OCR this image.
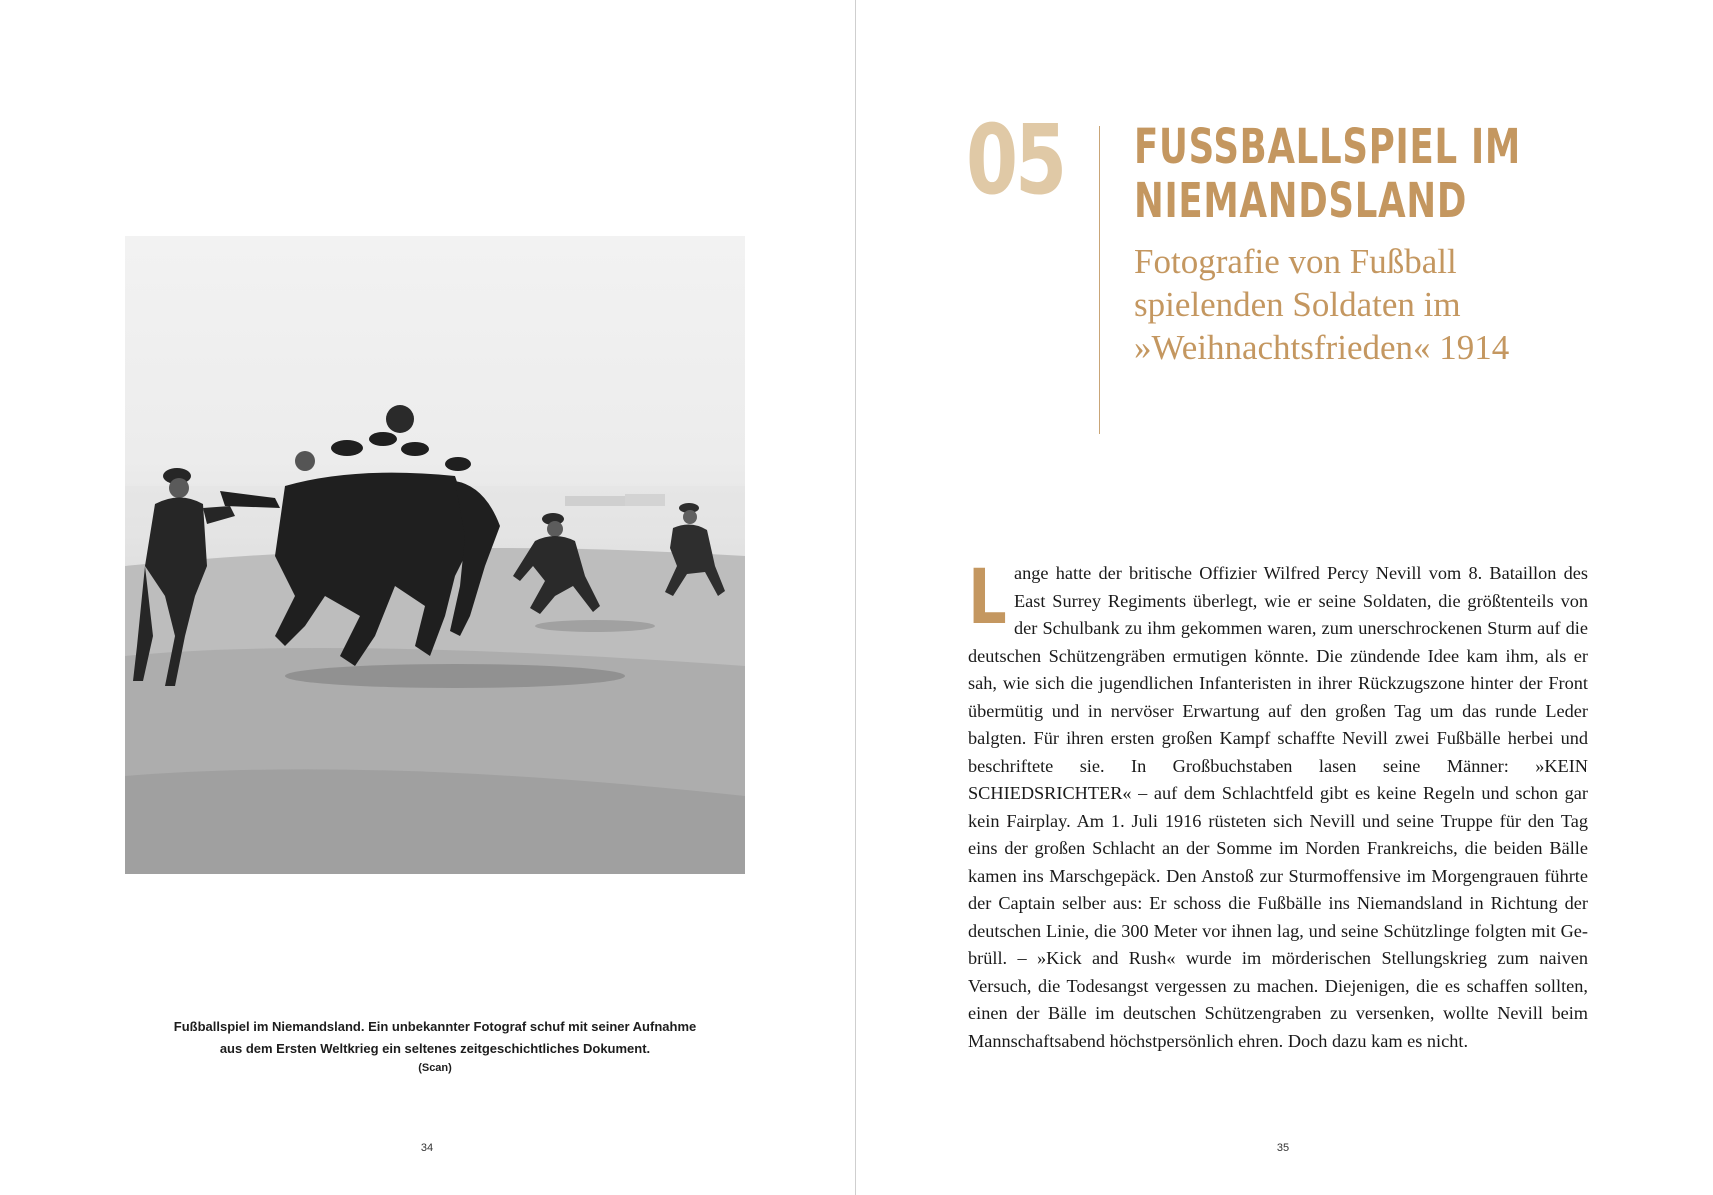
Fußballspiel im Niemandsland. Ein unbekannter Fotograf schuf mit seiner Aufnahme
aus dem Ersten Weltkrieg ein seltenes zeitgeschichtliches Dokument.
(Scan)
34
05 FUSSBALLSPIEL IM
NIEMANDSLAND
Fotografie von Fußball
spielenden Soldaten im
»Weihnachtsfrieden« 1914
Lange hatte der britische Offizier Wilfred Percy Nevill vom 8. Bataillon des East Surrey Regiments überlegt, wie er seine Soldaten, die größtenteils von der Schulbank zu ihm gekommen waren, zum unerschrockenen Sturm auf die deutschen Schützengräben ermutigen könnte. Die zündende Idee kam ihm, als er sah, wie sich die jugendlichen Infanteristen in ihrer Rückzugszone hinter der Front übermütig und in nervöser Erwartung auf den großen Tag um das runde Leder balgten. Für ihren ersten großen Kampf schaffte Nevill zwei Fußbälle herbei und beschriftete sie. In Großbuchstaben lasen seine Männer: »KEIN SCHIEDSRICHTER« – auf dem Schlachtfeld gibt es keine Regeln und schon gar kein Fairplay. Am 1. Juli 1916 rüsteten sich Nevill und seine Truppe für den Tag eins der großen Schlacht an der Somme im Norden Frankreichs, die beiden Bälle kamen ins Marschgepäck. Den Anstoß zur Sturmoffensive im Morgengrauen führte der Captain selber aus: Er schoss die Fußbälle ins Niemandsland in Richtung der deutschen Linie, die 300 Meter vor ihnen lag, und seine Schützlinge folgten mit Gebrüll. – »Kick and Rush« wurde im mörderischen Stellungskrieg zum naiven Versuch, die Todesangst vergessen zu machen. Diejenigen, die es schaffen sollten, einen der Bälle im deutschen Schützengraben zu versenken, wollte Nevill beim Mannschaftsabend höchstpersönlich ehren. Doch dazu kam es nicht.
35
